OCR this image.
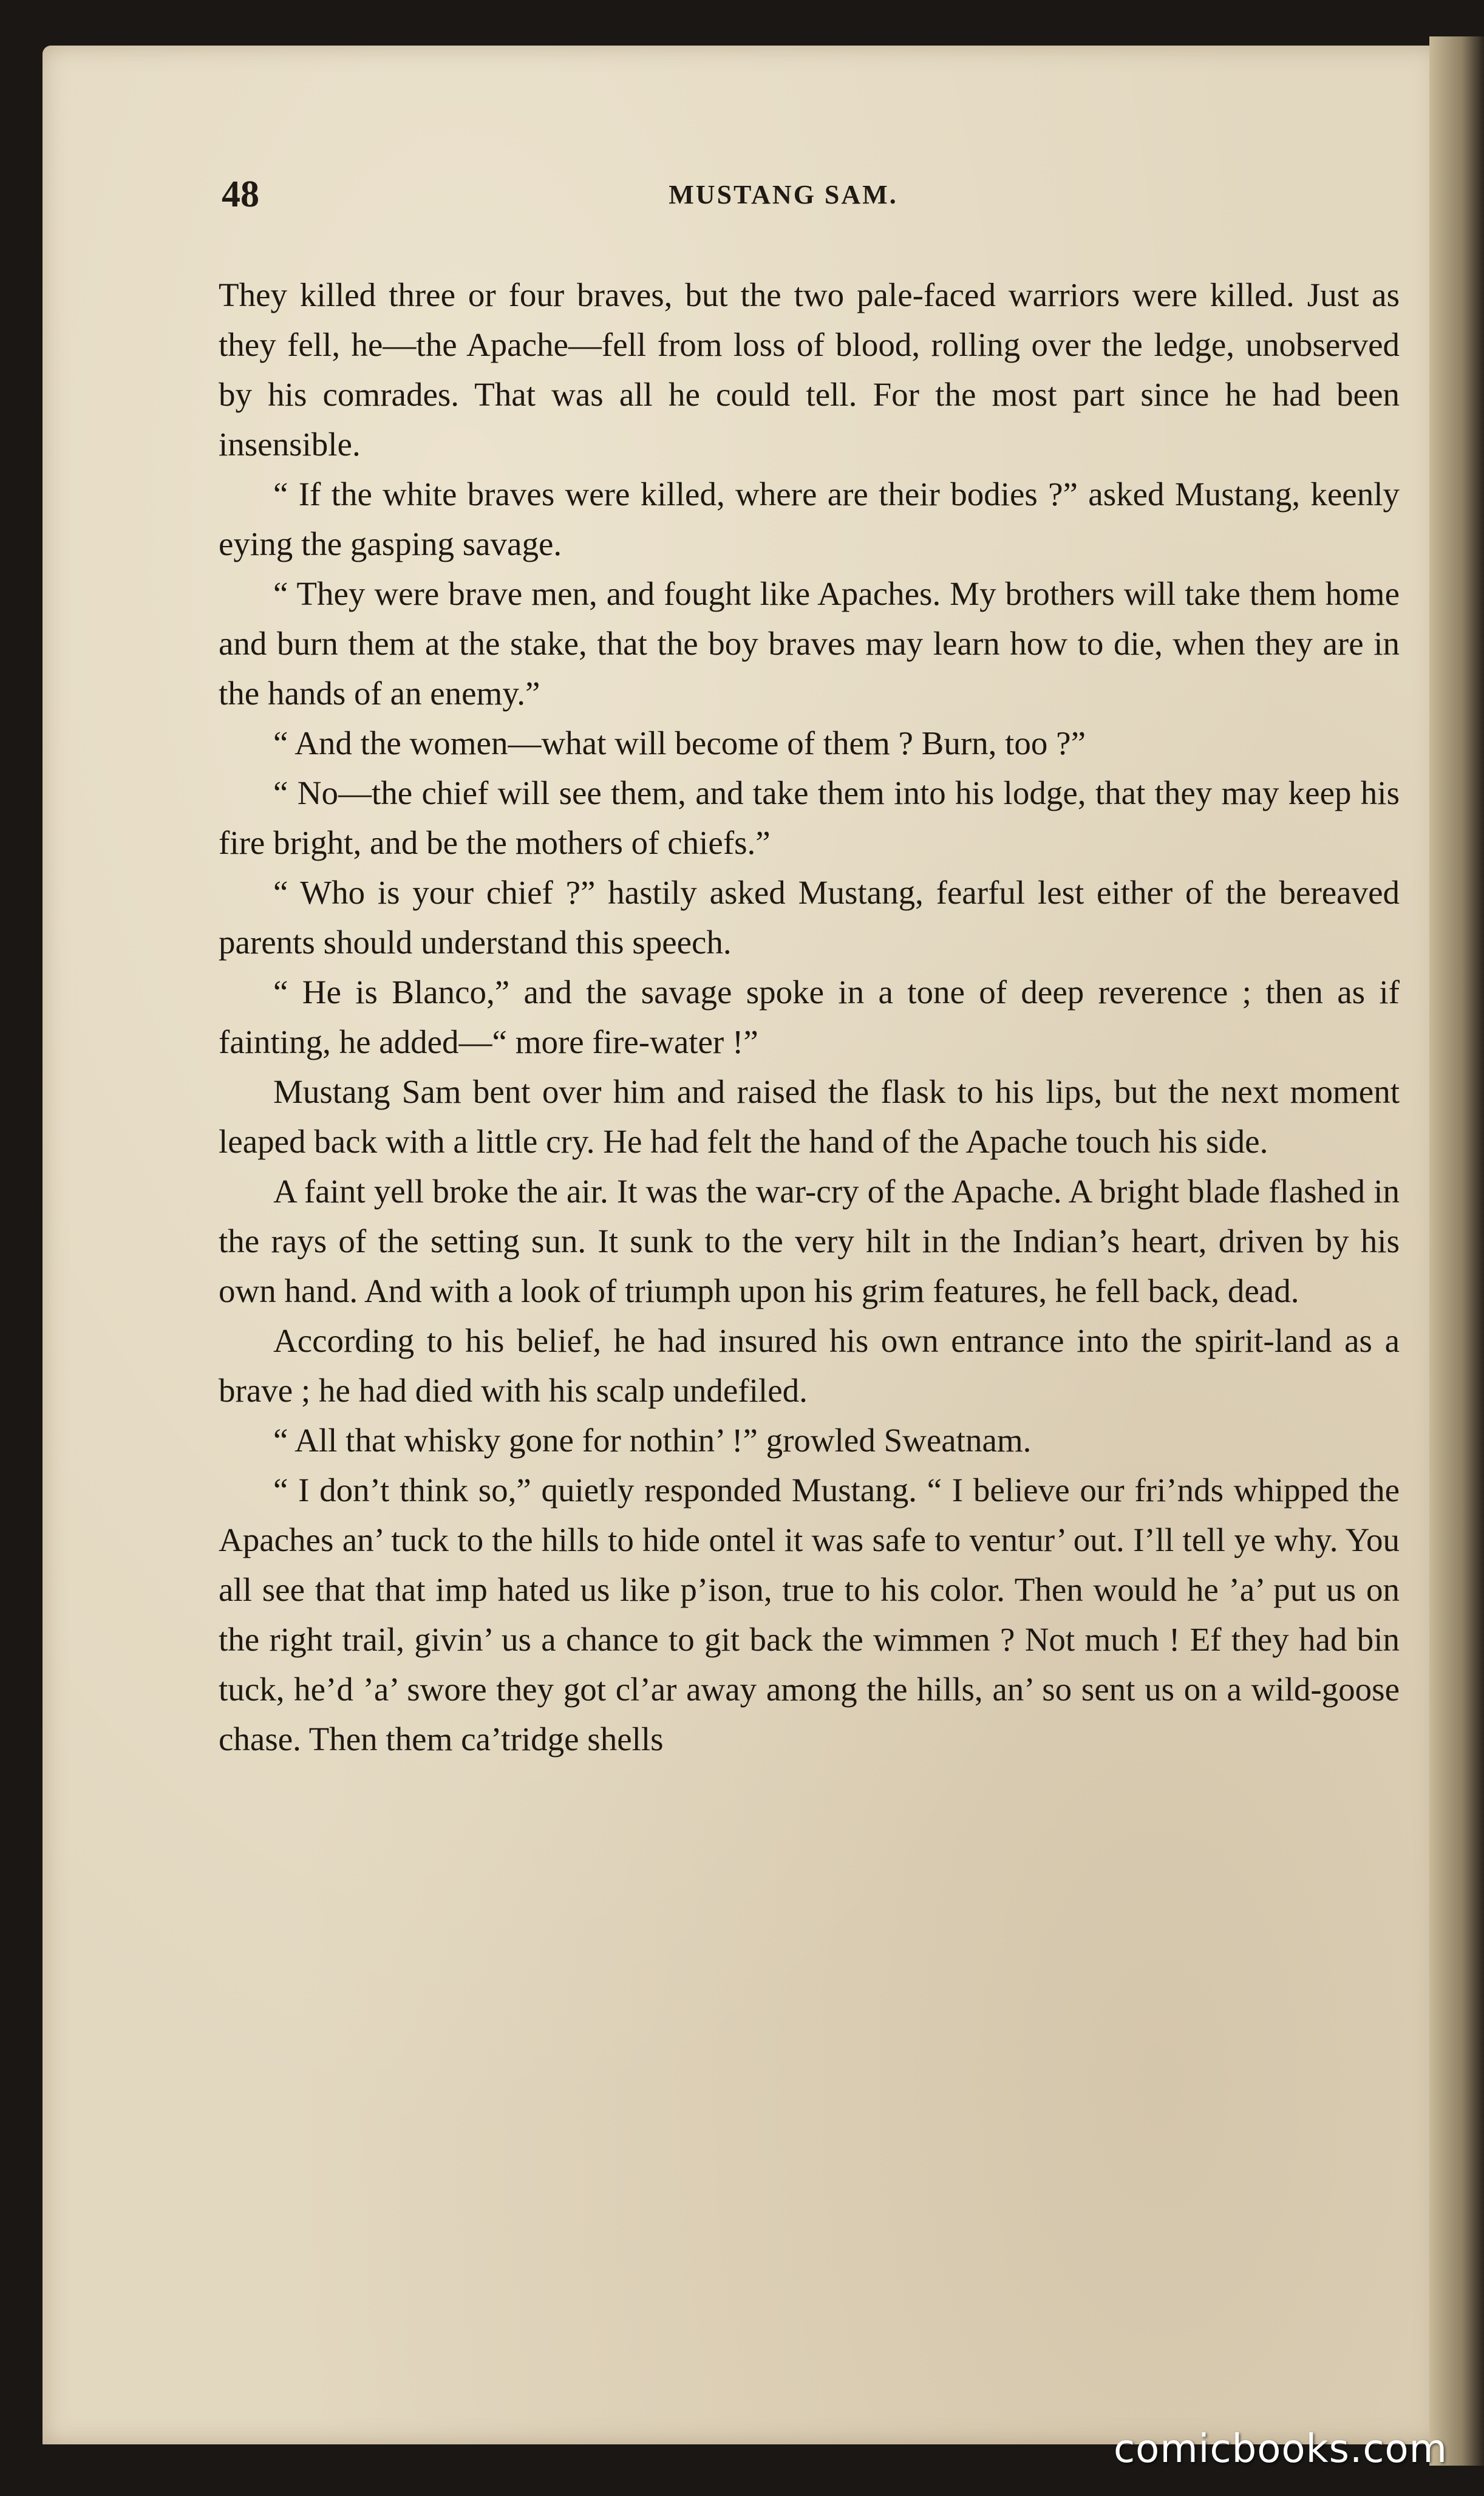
48	MUSTANG SAM.

They killed three or four braves, but the two pale-faced warriors were killed. Just as they fell, he—the Apache—fell from loss of blood, rolling over the ledge, unobserved by his comrades. That was all he could tell. For the most part since he had been insensible.

“ If the white braves were killed, where are their bodies ?” asked Mustang, keenly eying the gasping savage.

“ They were brave men, and fought like Apaches. My brothers will take them home and burn them at the stake, that the boy braves may learn how to die, when they are in the hands of an enemy.”

“ And the women—what will become of them ? Burn, too ?”

“ No—the chief will see them, and take them into his lodge, that they may keep his fire bright, and be the mothers of chiefs.”

“ Who is your chief ?” hastily asked Mustang, fearful lest either of the bereaved parents should understand this speech.

“ He is Blanco,” and the savage spoke in a tone of deep reverence ; then as if fainting, he added—“ more fire-water !”

Mustang Sam bent over him and raised the flask to his lips, but the next moment leaped back with a little cry. He had felt the hand of the Apache touch his side.

A faint yell broke the air. It was the war-cry of the Apache. A bright blade flashed in the rays of the setting sun. It sunk to the very hilt in the Indian’s heart, driven by his own hand. And with a look of triumph upon his grim features, he fell back, dead.

According to his belief, he had insured his own entrance into the spirit-land as a brave ; he had died with his scalp undefiled.

“ All that whisky gone for nothin’ !” growled Sweatnam.

“ I don’t think so,” quietly responded Mustang. “ I believe our fri’nds whipped the Apaches an’ tuck to the hills to hide ontel it was safe to ventur’ out. I’ll tell ye why. You all see that that imp hated us like p’ison, true to his color. Then would he ’a’ put us on the right trail, givin’ us a chance to git back the wimmen ? Not much ! Ef they had bin tuck, he’d ’a’ swore they got cl’ar away among the hills, an’ so sent us on a wild-goose chase. Then them ca’tridge shells

comicbooks.com
